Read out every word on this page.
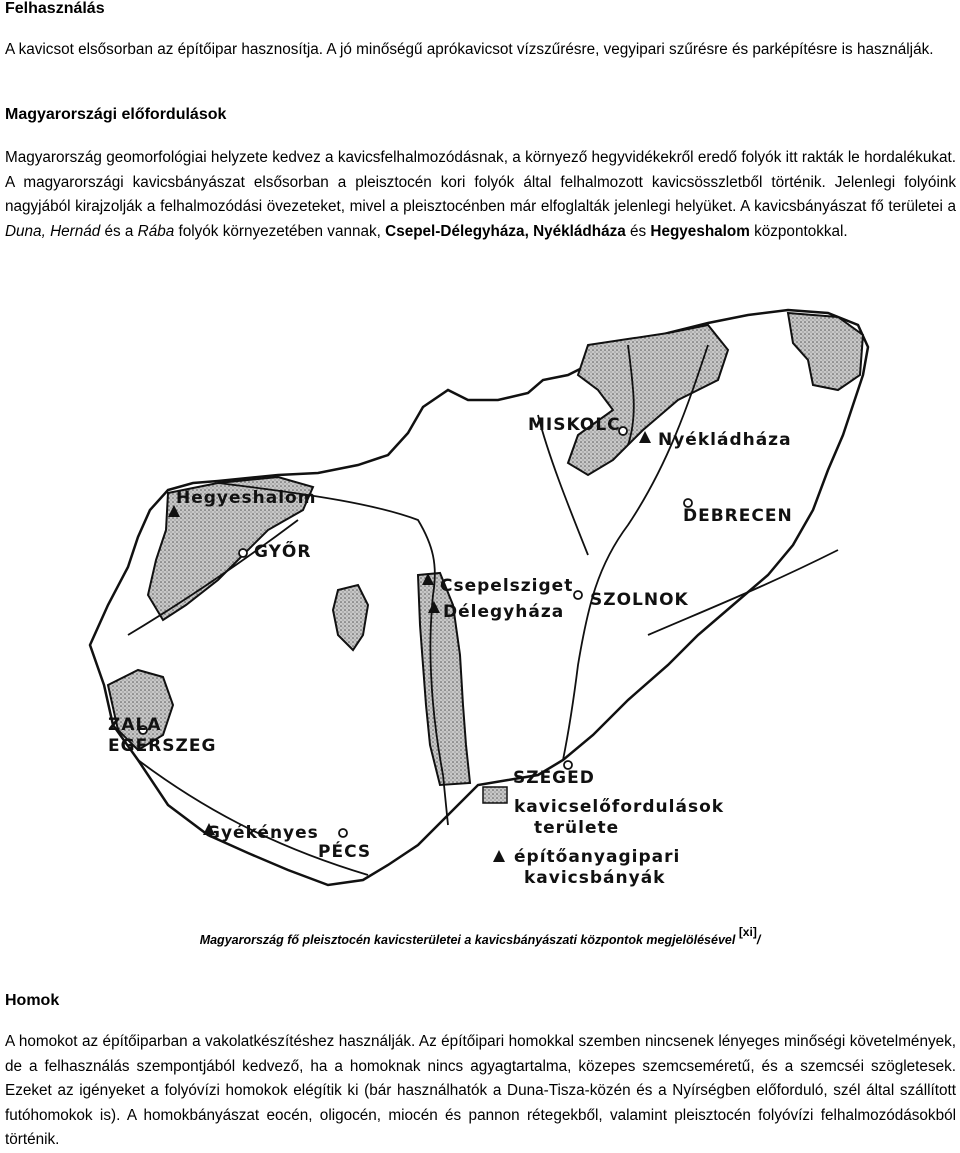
Felhasználás

A kavicsot elsősorban az építőipar hasznosítja. A jó minőségű aprókavicsot vízszűrésre, vegyipari szűrésre és parképítésre is használják.

Magyarországi előfordulások

Magyarország geomorfológiai helyzete kedvez a kavicsfelhalmozódásnak, a környező hegyvidékekről eredő folyók itt rakták le hordalékukat. A magyarországi kavicsbányászat elsősorban a pleisztocén kori folyók által felhalmozott kavicsösszletből történik. Jelenlegi folyóink nagyjából kirajzolják a felhalmozódási övezeteket, mivel a pleisztocénben már elfoglalták jelenlegi helyüket. A kavicsbányászat fő területei a Duna, Hernád és a Rába folyók környezetében vannak, Csepel-Délegyháza, Nyékládháza és Hegyeshalom központokkal.

MISKOLC
Nyékládháza
DEBRECEN
Hegyeshalom
GYŐR
Csepelsziget
Délegyháza
SZOLNOK
ZALA
EGERSZEG
SZEGED
Gyékényes
PÉCS
kavicselőfordulások
területe
építőanyagipari
kavicsbányák
Magyarország fő pleisztocén kavicsterületei a kavicsbányászati központok megjelölésével [xi]/
Homok

A homokot az építőiparban a vakolatkészítéshez használják. Az építőipari homokkal szemben nincsenek lényeges minőségi követelmények, de a felhasználás szempontjából kedvező, ha a homoknak nincs agyagtartalma, közepes szemcseméretű, és a szemcséi szögletesek. Ezeket az igényeket a folyóvízi homokok elégítik ki (bár használhatók a Duna-Tisza-közén és a Nyírségben előforduló, szél által szállított futóhomokok is). A homokbányászat eocén, oligocén, miocén és pannon rétegekből, valamint pleisztocén folyóvízi felhalmozódásokból történik.
